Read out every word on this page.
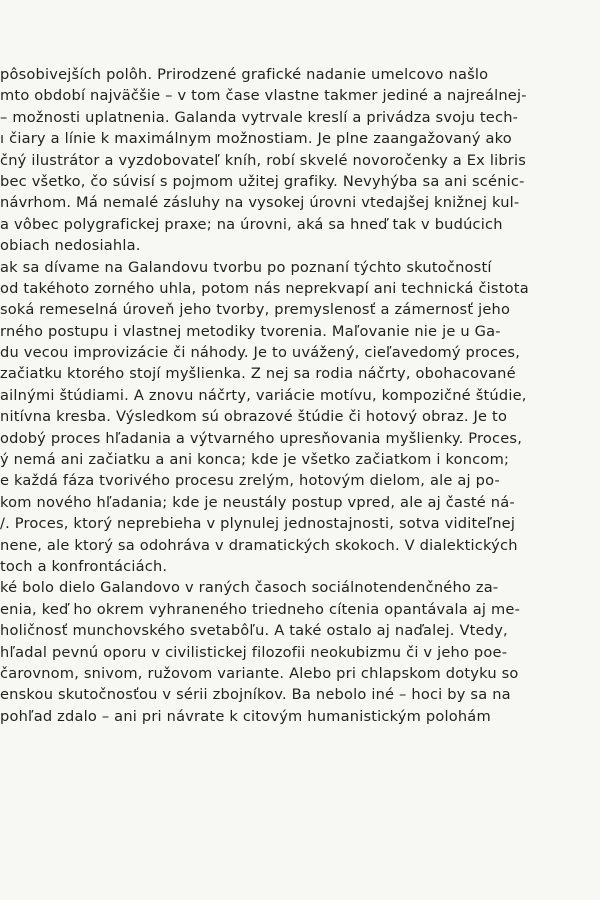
pôsobivejších polôh. Prirodzené grafické nadanie umelcovo našlo
mto období najväčšie – v tom čase vlastne takmer jediné a najreálnej-
– možnosti uplatnenia. Galanda vytrvale kreslí a privádza svoju tech-
ı čiary a línie k maximálnym možnostiam. Je plne zaangažovaný ako
čný ilustrátor a vyzdobovateľ kníh, robí skvelé novoročenky a Ex libris
bec všetko, čo súvisí s pojmom užitej grafiky. Nevyhýba sa ani scénic-
návrhom. Má nemalé zásluhy na vysokej úrovni vtedajšej knižnej kul-
a vôbec polygrafickej praxe; na úrovni, aká sa hneď tak v budúcich
obiach nedosiahla.
ak sa dívame na Galandovu tvorbu po poznaní týchto skutočností
od takéhoto zorného uhla, potom nás neprekvapí ani technická čistota
soká remeselná úroveň jeho tvorby, premyslenosť a zámernosť jeho
rného postupu i vlastnej metodiky tvorenia. Maľovanie nie je u Ga-
du vecou improvizácie či náhody. Je to uvážený, cieľavedomý proces,
začiatku ktorého stojí myšlienka. Z nej sa rodia náčrty, obohacované
ailnými štúdiami. A znovu náčrty, variácie motívu, kompozičné štúdie,
nitívna kresba. Výsledkom sú obrazové štúdie či hotový obraz. Je to
odobý proces hľadania a výtvarného upresňovania myšlienky. Proces,
ý nemá ani začiatku a ani konca; kde je všetko začiatkom i koncom;
e každá fáza tvorivého procesu zrelým, hotovým dielom, ale aj po-
kom nového hľadania; kde je neustály postup vpred, ale aj časté ná-
/. Proces, ktorý neprebieha v plynulej jednostajnosti, sotva viditeľnej
nene, ale ktorý sa odohráva v dramatických skokoch. V dialektických
toch a konfrontáciách.
ké bolo dielo Galandovo v raných časoch sociálnotendenčného za-
enia, keď ho okrem vyhraneného triedneho cítenia opantávala aj me-
holičnosť munchovského svetabôľu. A také ostalo aj naďalej. Vtedy,
hľadal pevnú oporu v civilistickej filozofii neokubizmu či v jeho poe-
čarovnom, snivom, ružovom variante. Alebo pri chlapskom dotyku so
enskou skutočnosťou v sérii zbojníkov. Ba nebolo iné – hoci by sa na
pohľad zdalo – ani pri návrate k citovým humanistickým polohám
